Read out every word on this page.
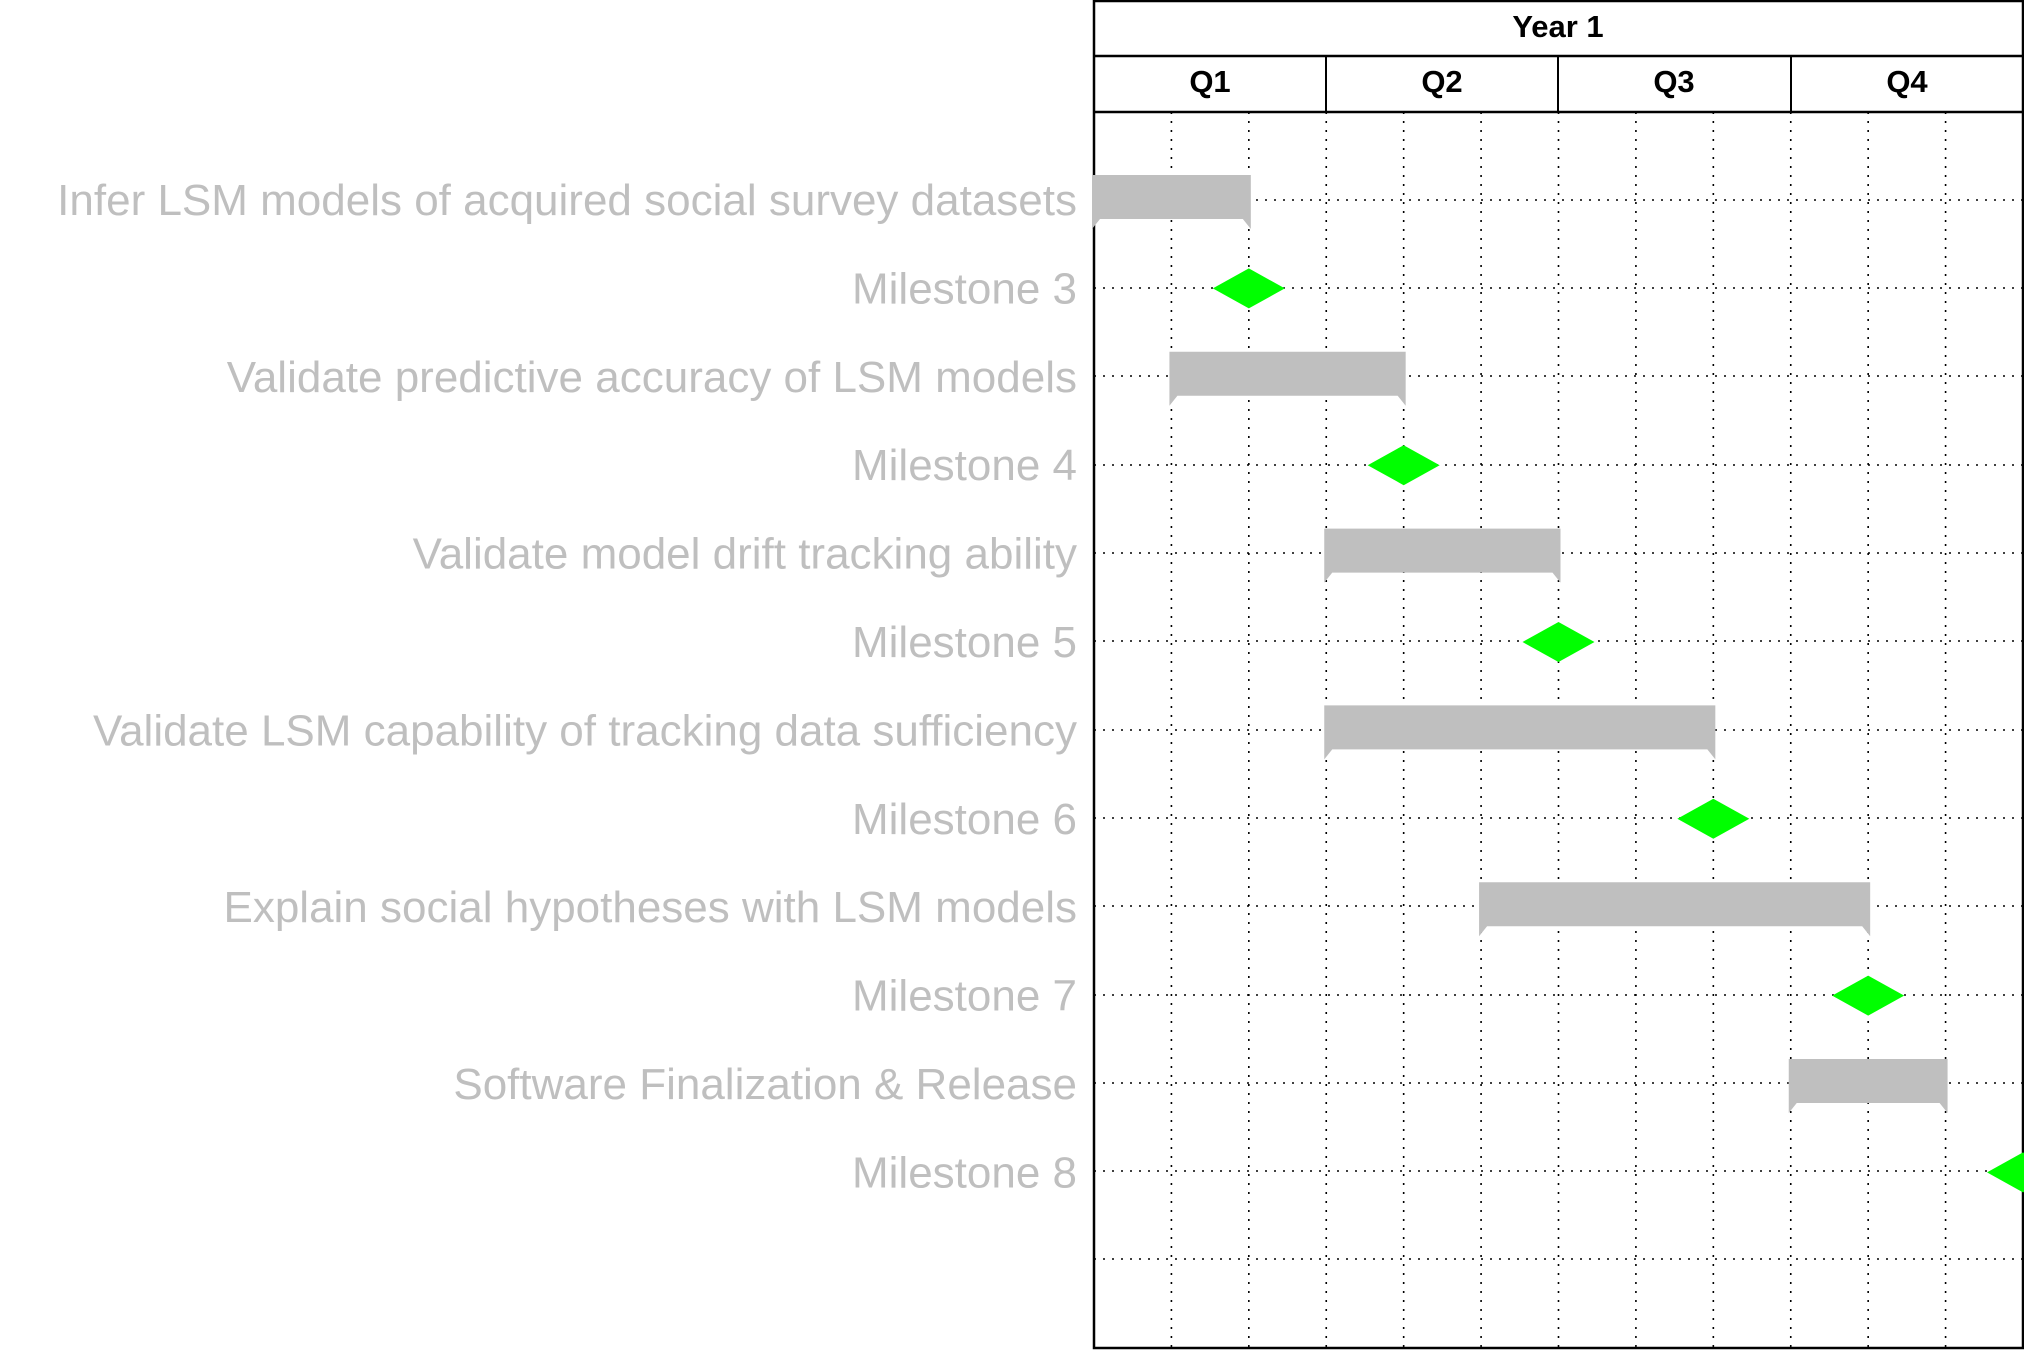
Year 1
Q1	Q2	Q3	Q4
Infer LSM models of acquired social survey datasets
Milestone 3
Validate predictive accuracy of LSM models
Milestone 4
Validate model drift tracking ability
Milestone 5
Validate LSM capability of tracking data sufficiency
Milestone 6
Explain social hypotheses with LSM models
Milestone 7
Software Finalization & Release
Milestone 8
